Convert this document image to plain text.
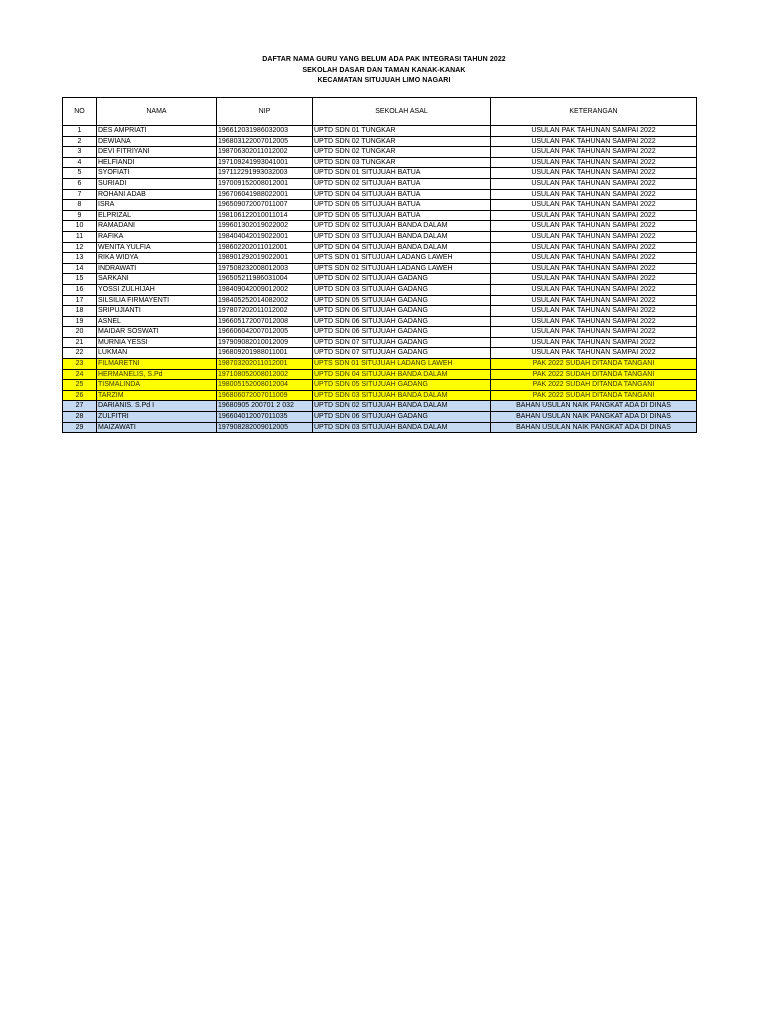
DAFTAR NAMA GURU YANG BELUM ADA PAK INTEGRASI TAHUN 2022
SEKOLAH DASAR DAN TAMAN KANAK-KANAK
KECAMATAN SITUJUAH LIMO NAGARI
NO	NAMA	NIP	SEKOLAH ASAL	KETERANGAN
1	DES AMPRIATI	196612031986032003	UPTD SDN 01 TUNGKAR	USULAN PAK TAHUNAN SAMPAI 2022
2	DEWIANA	196803122007012005	UPTD SDN 02 TUNGKAR	USULAN PAK TAHUNAN SAMPAI 2022
3	DEVI FITRIYANI	198706302011012002	UPTD SDN 02 TUNGKAR	USULAN PAK TAHUNAN SAMPAI 2022
4	HELFIANDI	197109241993041001	UPTD SDN 03 TUNGKAR	USULAN PAK TAHUNAN SAMPAI 2022
5	SYOFIATI	197112291993032003	UPTD SDN 01 SITUJUAH BATUA	USULAN PAK TAHUNAN SAMPAI 2022
6	SURIADI	197009152008012001	UPTD SDN 02 SITUJUAH BATUA	USULAN PAK TAHUNAN SAMPAI 2022
7	ROHANI ADAB	196706041988022001	UPTD SDN 04 SITUJUAH BATUA	USULAN PAK TAHUNAN SAMPAI 2022
8	ISRA	196509072007011007	UPTD SDN 05 SITUJUAH BATUA	USULAN PAK TAHUNAN SAMPAI 2022
9	ELPRIZAL	198106122010011014	UPTD SDN 05 SITUJUAH BATUA	USULAN PAK TAHUNAN SAMPAI 2022
10	RAMADANI	199601302019022002	UPTD SDN 02 SITUJUAH BANDA DALAM	USULAN PAK TAHUNAN SAMPAI 2022
11	RAFIKA	198404042019022001	UPTD SDN 03 SITUJUAH BANDA DALAM	USULAN PAK TAHUNAN SAMPAI 2022
12	WENITA YULFIA	198602202011012001	UPTD SDN 04 SITUJUAH BANDA DALAM	USULAN PAK TAHUNAN SAMPAI 2022
13	RIKA WIDYA	198901292019022001	UPTS SDN 01 SITUJUAH LADANG LAWEH	USULAN PAK TAHUNAN SAMPAI 2022
14	INDRAWATI	197508232008012003	UPTS SDN 02 SITUJUAH LADANG LAWEH	USULAN PAK TAHUNAN SAMPAI 2022
15	SARKANI	196505211986031004	UPTD SDN 02 SITUJUAH GADANG	USULAN PAK TAHUNAN SAMPAI 2022
16	YOSSI ZULHIJAH	198409042009012002	UPTD SDN 03 SITUJUAH GADANG	USULAN PAK TAHUNAN SAMPAI 2022
17	SILSILIA FIRMAYENTI	198405252014082002	UPTD SDN 05 SITUJUAH GADANG	USULAN PAK TAHUNAN SAMPAI 2022
18	SRIPUJIANTI	197807202011012002	UPTD SDN 06 SITUJUAH GADANG	USULAN PAK TAHUNAN SAMPAI 2022
19	ASNEL	196605172007012008	UPTD SDN 06 SITUJUAH GADANG	USULAN PAK TAHUNAN SAMPAI 2022
20	MAIDAR SOSWATI	196606042007012005	UPTD SDN 06 SITUJUAH GADANG	USULAN PAK TAHUNAN SAMPAI 2022
21	MURNIA YESSI	197909082010012009	UPTD SDN 07 SITUJUAH GADANG	USULAN PAK TAHUNAN SAMPAI 2022
22	LUKMAN	196809201988011001	UPTD SDN 07 SITUJUAH GADANG	USULAN PAK TAHUNAN SAMPAI 2022
23	FILMARETNI	198703202011012001	UPTS SDN 01 SITUJUAH LADANG LAWEH	PAK 2022 SUDAH DITANDA TANGANI
24	HERMANELIS, S.Pd	197108052008012002	UPTD SDN 04 SITUJUAH BANDA DALAM	PAK 2022 SUDAH DITANDA TANGANI
25	TISMALINDA	198005152008012004	UPTD SDN 05 SITUJUAH GADANG	PAK 2022 SUDAH DITANDA TANGANI
26	TARZIM	196806072007011009	UPTD SDN 03 SITUJUAH BANDA DALAM	PAK 2022 SUDAH DITANDA TANGANI
27	DARIANIS. S.Pd I	19680905 200701 2 032	UPTD SDN 02 SITUJUAH BANDA DALAM	BAHAN USULAN NAIK PANGKAT ADA DI DINAS
28	ZULFITRI	196604012007011035	UPTD SDN 06 SITUJUAH GADANG	BAHAN USULAN NAIK PANGKAT ADA DI DINAS
29	MAIZAWATI	197908282009012005	UPTD SDN 03 SITUJUAH BANDA DALAM	BAHAN USULAN NAIK PANGKAT ADA DI DINAS
